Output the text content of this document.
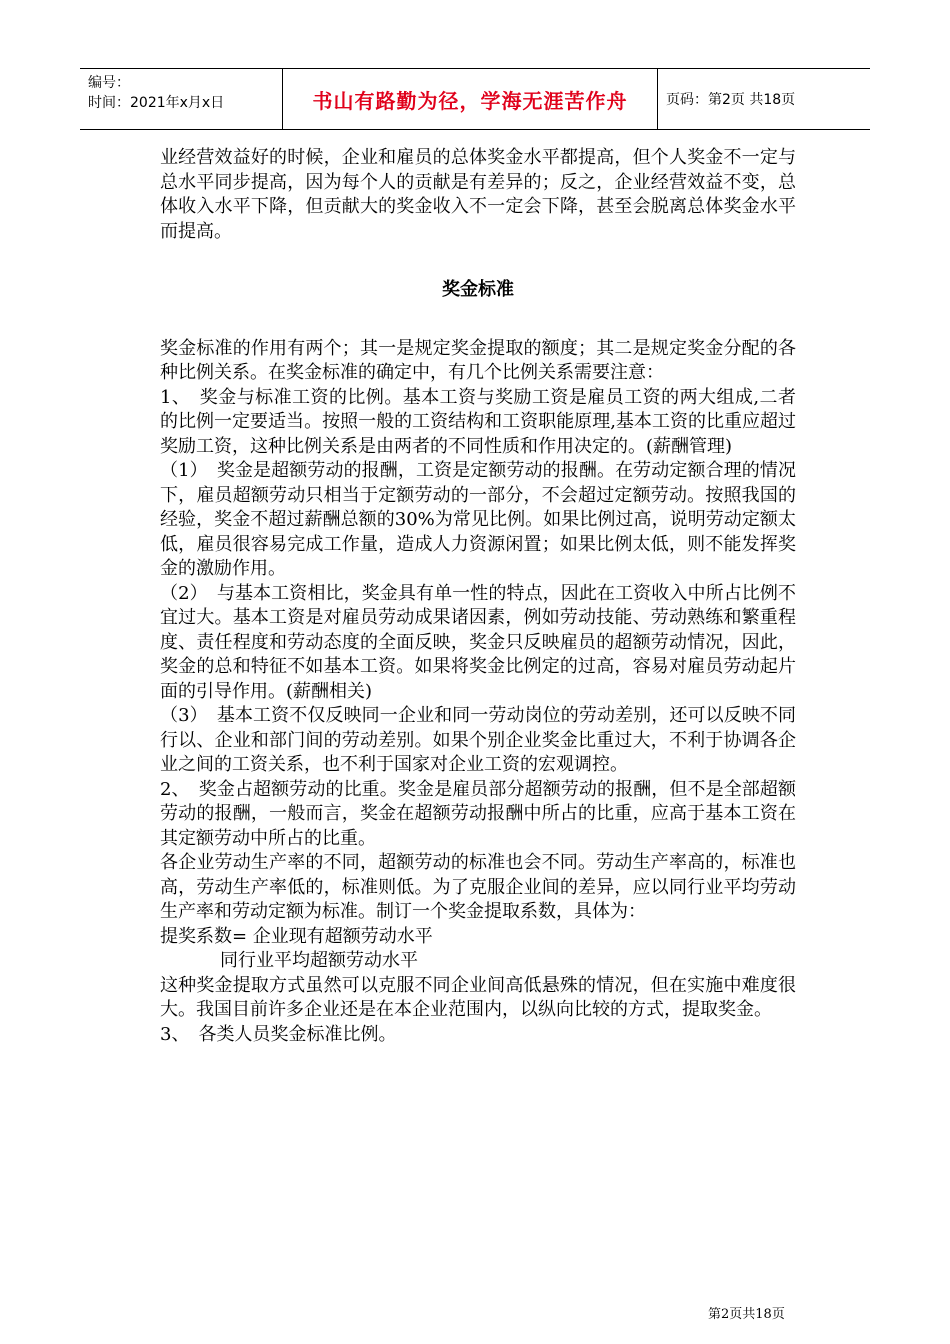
编号：
时间：2021年x月x日	书山有路勤为径，学海无涯苦作舟	页码：第2页 共18页

业经营效益好的时候，企业和雇员的总体奖金水平都提高，但个人奖金不一定与总水平同步提高，因为每个人的贡献是有差异的；反之，企业经营效益不变，总体收入水平下降，但贡献大的奖金收入不一定会下降，甚至会脱离总体奖金水平而提高。

奖金标准

奖金标准的作用有两个；其一是规定奖金提取的额度；其二是规定奖金分配的各种比例关系。在奖金标准的确定中，有几个比例关系需要注意：

1、　奖金与标准工资的比例。基本工资与奖励工资是雇员工资的两大组成,二者的比例一定要适当。按照一般的工资结构和工资职能原理,基本工资的比重应超过奖励工资，这种比例关系是由两者的不同性质和作用决定的。(薪酬管理)

（1）　奖金是超额劳动的报酬，工资是定额劳动的报酬。在劳动定额合理的情况下，雇员超额劳动只相当于定额劳动的一部分，不会超过定额劳动。按照我国的经验，奖金不超过薪酬总额的30%为常见比例。如果比例过高，说明劳动定额太低，雇员很容易完成工作量，造成人力资源闲置；如果比例太低，则不能发挥奖金的激励作用。

（2）　与基本工资相比，奖金具有单一性的特点，因此在工资收入中所占比例不宜过大。基本工资是对雇员劳动成果诸因素，例如劳动技能、劳动熟练和繁重程度、责任程度和劳动态度的全面反映，奖金只反映雇员的超额劳动情况，因此，奖金的总和特征不如基本工资。如果将奖金比例定的过高，容易对雇员劳动起片面的引导作用。(薪酬相关)

（3）　基本工资不仅反映同一企业和同一劳动岗位的劳动差别，还可以反映不同行以、企业和部门间的劳动差别。如果个别企业奖金比重过大，不利于协调各企业之间的工资关系，也不利于国家对企业工资的宏观调控。

2、　奖金占超额劳动的比重。奖金是雇员部分超额劳动的报酬，但不是全部超额劳动的报酬，一般而言，奖金在超额劳动报酬中所占的比重，应高于基本工资在其定额劳动中所占的比重。

各企业劳动生产率的不同，超额劳动的标准也会不同。劳动生产率高的，标准也高，劳动生产率低的，标准则低。为了克服企业间的差异，应以同行业平均劳动生产率和劳动定额为标准。制订一个奖金提取系数，具体为：

提奖系数= 企业现有超额劳动水平

同行业平均超额劳动水平

这种奖金提取方式虽然可以克服不同企业间高低悬殊的情况，但在实施中难度很大。我国目前许多企业还是在本企业范围内，以纵向比较的方式，提取奖金。

3、　各类人员奖金标准比例。

第2页共18页
